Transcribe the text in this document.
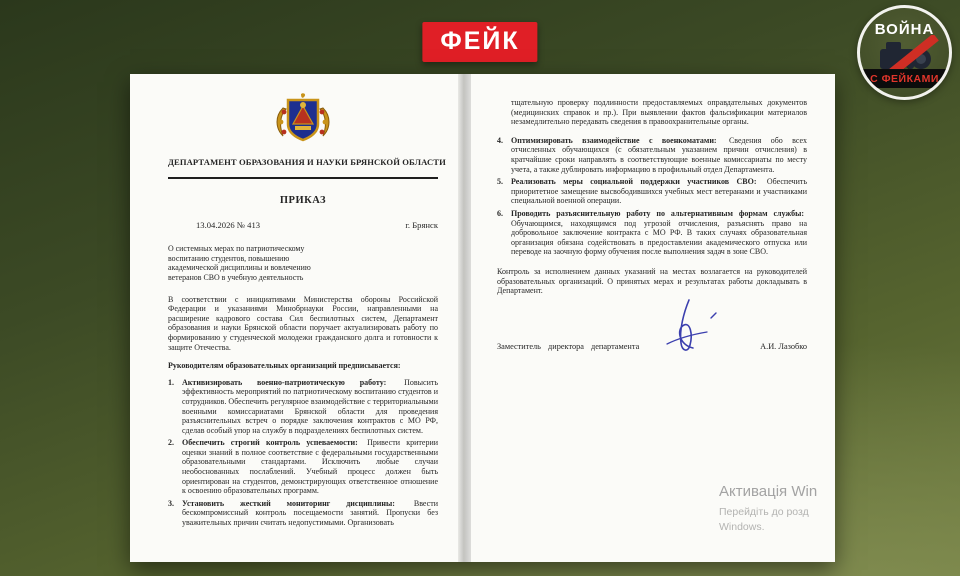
ФЕЙК	ВОЙНА
С ФЕЙКАМИ
ДЕПАРТАМЕНТ ОБРАЗОВАНИЯ И НАУКИ БРЯНСКОЙ ОБЛАСТИ
ПРИКАЗ
13.04.2026 № 413	г. Брянск
О системных мерах по патриотическому воспитанию студентов, повышению академической дисциплины и вовлечению ветеранов СВО в учебную деятельность

В соответствии с инициативами Министерства обороны Российской Федерации и указаниями Минобрнауки России, направленными на расширение кадрового состава Сил беспилотных систем, Департамент образования и науки Брянской области поручает актуализировать работу по формированию у студенческой молодежи гражданского долга и готовности к защите Отечества.

Руководителям образовательных организаций предписывается:

1. Активизировать военно-патриотическую работу: Повысить эффективность мероприятий по патриотическому воспитанию студентов и сотрудников. Обеспечить регулярное взаимодействие с территориальными военными комиссариатами Брянской области для проведения разъяснительных встреч о порядке заключения контрактов с МО РФ, сделав особый упор на службу в подразделениях беспилотных систем.
2. Обеспечить строгий контроль успеваемости: Привести критерии оценки знаний в полное соответствие с федеральными государственными образовательными стандартами. Исключить любые случаи необоснованных послаблений. Учебный процесс должен быть ориентирован на студентов, демонстрирующих ответственное отношение к освоению образовательных программ.
3. Установить жесткий мониторинг дисциплины: Ввести бескомпромиссный контроль посещаемости занятий. Пропуски без уважительных причин считать недопустимыми. Организовать

тщательную проверку подлинности предоставляемых оправдательных документов (медицинских справок и пр.). При выявлении фактов фальсификации материалов незамедлительно передавать сведения в правоохранительные органы.

4. Оптимизировать взаимодействие с военкоматами: Сведения обо всех отчисленных обучающихся (с обязательным указанием причин отчисления) в кратчайшие сроки направлять в соответствующие военные комиссариаты по месту учета, а также дублировать информацию в профильный отдел Департамента.
5. Реализовать меры социальной поддержки участников СВО: Обеспечить приоритетное замещение высвободившихся учебных мест ветеранами и участниками специальной военной операции.
6. Проводить разъяснительную работу по альтернативным формам службы: Обучающимся, находящимся под угрозой отчисления, разъяснять право на добровольное заключение контракта с МО РФ. В таких случаях образовательная организация обязана содействовать в предоставлении академического отпуска или переводе на заочную форму обучения после выполнения задач в зоне СВО.

Контроль за исполнением данных указаний на местах возлагается на руководителей образовательных организаций. О принятых мерах и результатах работы докладывать в Департамент.

Заместитель директора департамента	А.И. Лазобко
Активація Win
Перейдіть до розд
Windows.
